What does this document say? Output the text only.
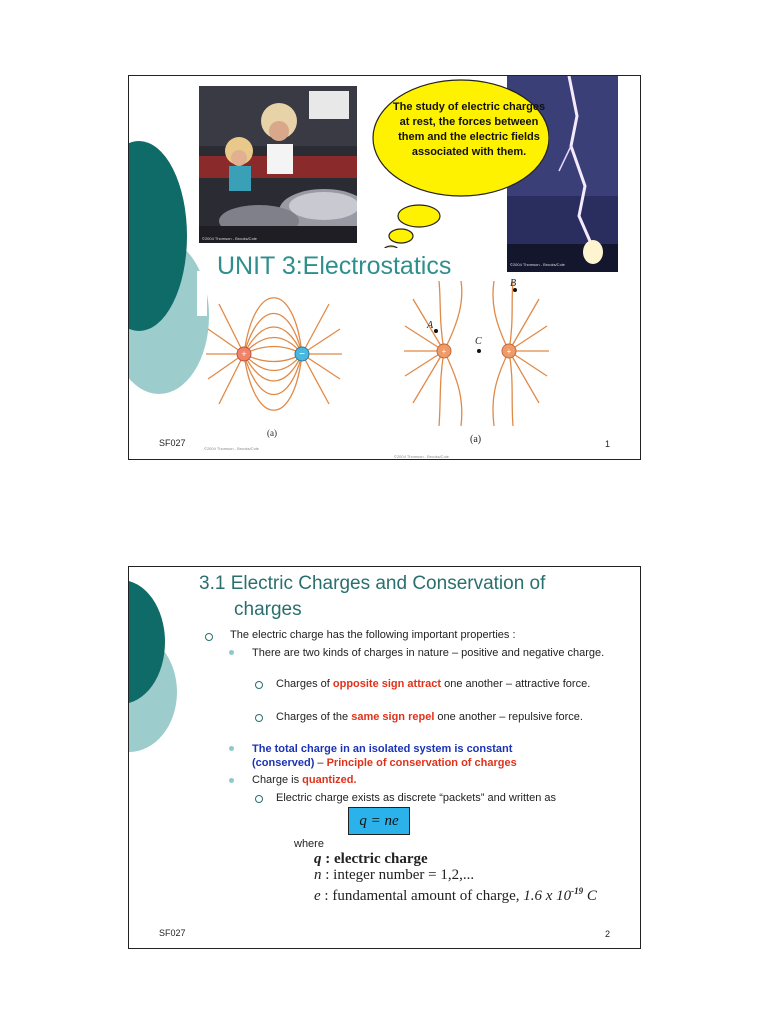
©2004 Thomson - Brooks/Cole
©2004 Thomson - Brooks/Cole
The study of electric charges at rest, the forces between them and the electric fields associated with them.
UNIT 3:Electrostatics
+	−
(a)
©2004 Thomson - Brooks/Cole
+	+
A
B
C
(a)
©2004 Thomson - Brooks/Cole
SF027	1
3.1 Electric Charges and Conservation of
charges
The electric charge has the following important properties :
There are two kinds of charges in nature – positive and negative charge.
Charges of opposite sign attract one another – attractive force.
Charges of the same sign repel one another – repulsive force.
The total charge in an isolated system is constant (conserved) – Principle of conservation of charges
Charge is quantized.
Electric charge exists as discrete “packets” and written as
q = ne
where
q : electric charge
n : integer number = 1,2,...
e : fundamental amount of charge, 1.6 x $10^{-19}$ C
SF027	2
